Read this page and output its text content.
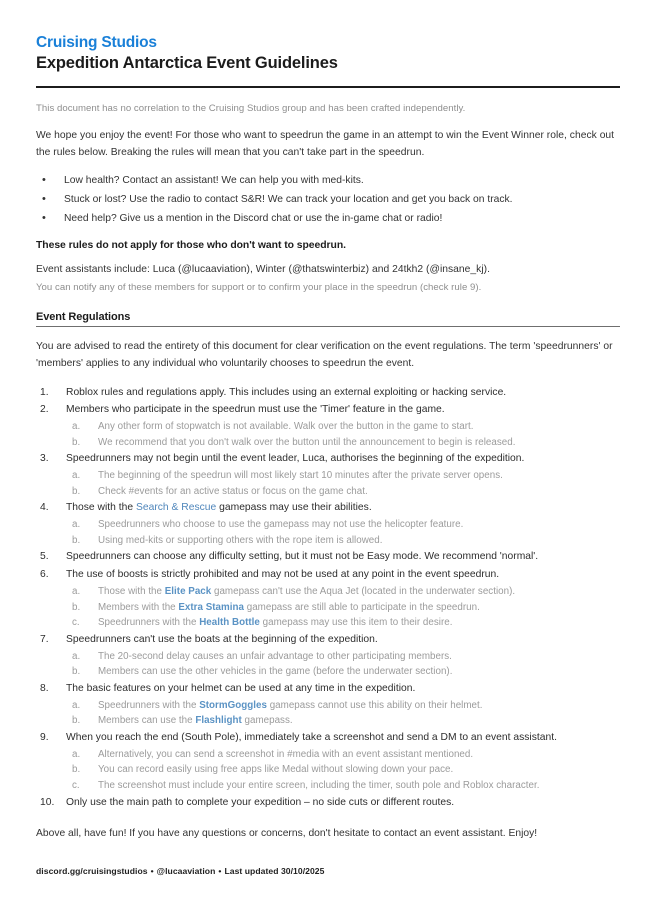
Cruising Studios
Expedition Antarctica Event Guidelines

This document has no correlation to the Cruising Studios group and has been crafted independently.

We hope you enjoy the event! For those who want to speedrun the game in an attempt to win the Event Winner role, check out the rules below. Breaking the rules will mean that you can't take part in the speedrun.

• Low health? Contact an assistant! We can help you with med-kits.
• Stuck or lost? Use the radio to contact S&R! We can track your location and get you back on track.
• Need help? Give us a mention in the Discord chat or use the in-game chat or radio!

These rules do not apply for those who don't want to speedrun.

Event assistants include: Luca (@lucaaviation), Winter (@thatswinterbiz) and 24tkh2 (@insane_kj).

You can notify any of these members for support or to confirm your place in the speedrun (check rule 9).

Event Regulations

You are advised to read the entirety of this document for clear verification on the event regulations. The term 'speedrunners' or 'members' applies to any individual who voluntarily chooses to speedrun the event.

Roblox rules and regulations apply. This includes using an external exploiting or hacking service.
Members who participate in the speedrun must use the 'Timer' feature in the game.
Any other form of stopwatch is not available. Walk over the button in the game to start.
We recommend that you don't walk over the button until the announcement to begin is released.
Speedrunners may not begin until the event leader, Luca, authorises the beginning of the expedition.
The beginning of the speedrun will most likely start 10 minutes after the private server opens.
Check #events for an active status or focus on the game chat.
Those with the Search & Rescue gamepass may use their abilities.
Speedrunners who choose to use the gamepass may not use the helicopter feature.
Using med-kits or supporting others with the rope item is allowed.
Speedrunners can choose any difficulty setting, but it must not be Easy mode. We recommend 'normal'.
The use of boosts is strictly prohibited and may not be used at any point in the event speedrun.
Those with the Elite Pack gamepass can't use the Aqua Jet (located in the underwater section).
Members with the Extra Stamina gamepass are still able to participate in the speedrun.
Speedrunners with the Health Bottle gamepass may use this item to their desire.
Speedrunners can't use the boats at the beginning of the expedition.
The 20-second delay causes an unfair advantage to other participating members.
Members can use the other vehicles in the game (before the underwater section).
The basic features on your helmet can be used at any time in the expedition.
Speedrunners with the StormGoggles gamepass cannot use this ability on their helmet.
Members can use the Flashlight gamepass.
When you reach the end (South Pole), immediately take a screenshot and send a DM to an event assistant.
Alternatively, you can send a screenshot in #media with an event assistant mentioned.
You can record easily using free apps like Medal without slowing down your pace.
The screenshot must include your entire screen, including the timer, south pole and Roblox character.
Only use the main path to complete your expedition – no side cuts or different routes.

Above all, have fun! If you have any questions or concerns, don't hesitate to contact an event assistant. Enjoy!

discord.gg/cruisingstudios • @lucaaviation • Last updated 30/10/2025
